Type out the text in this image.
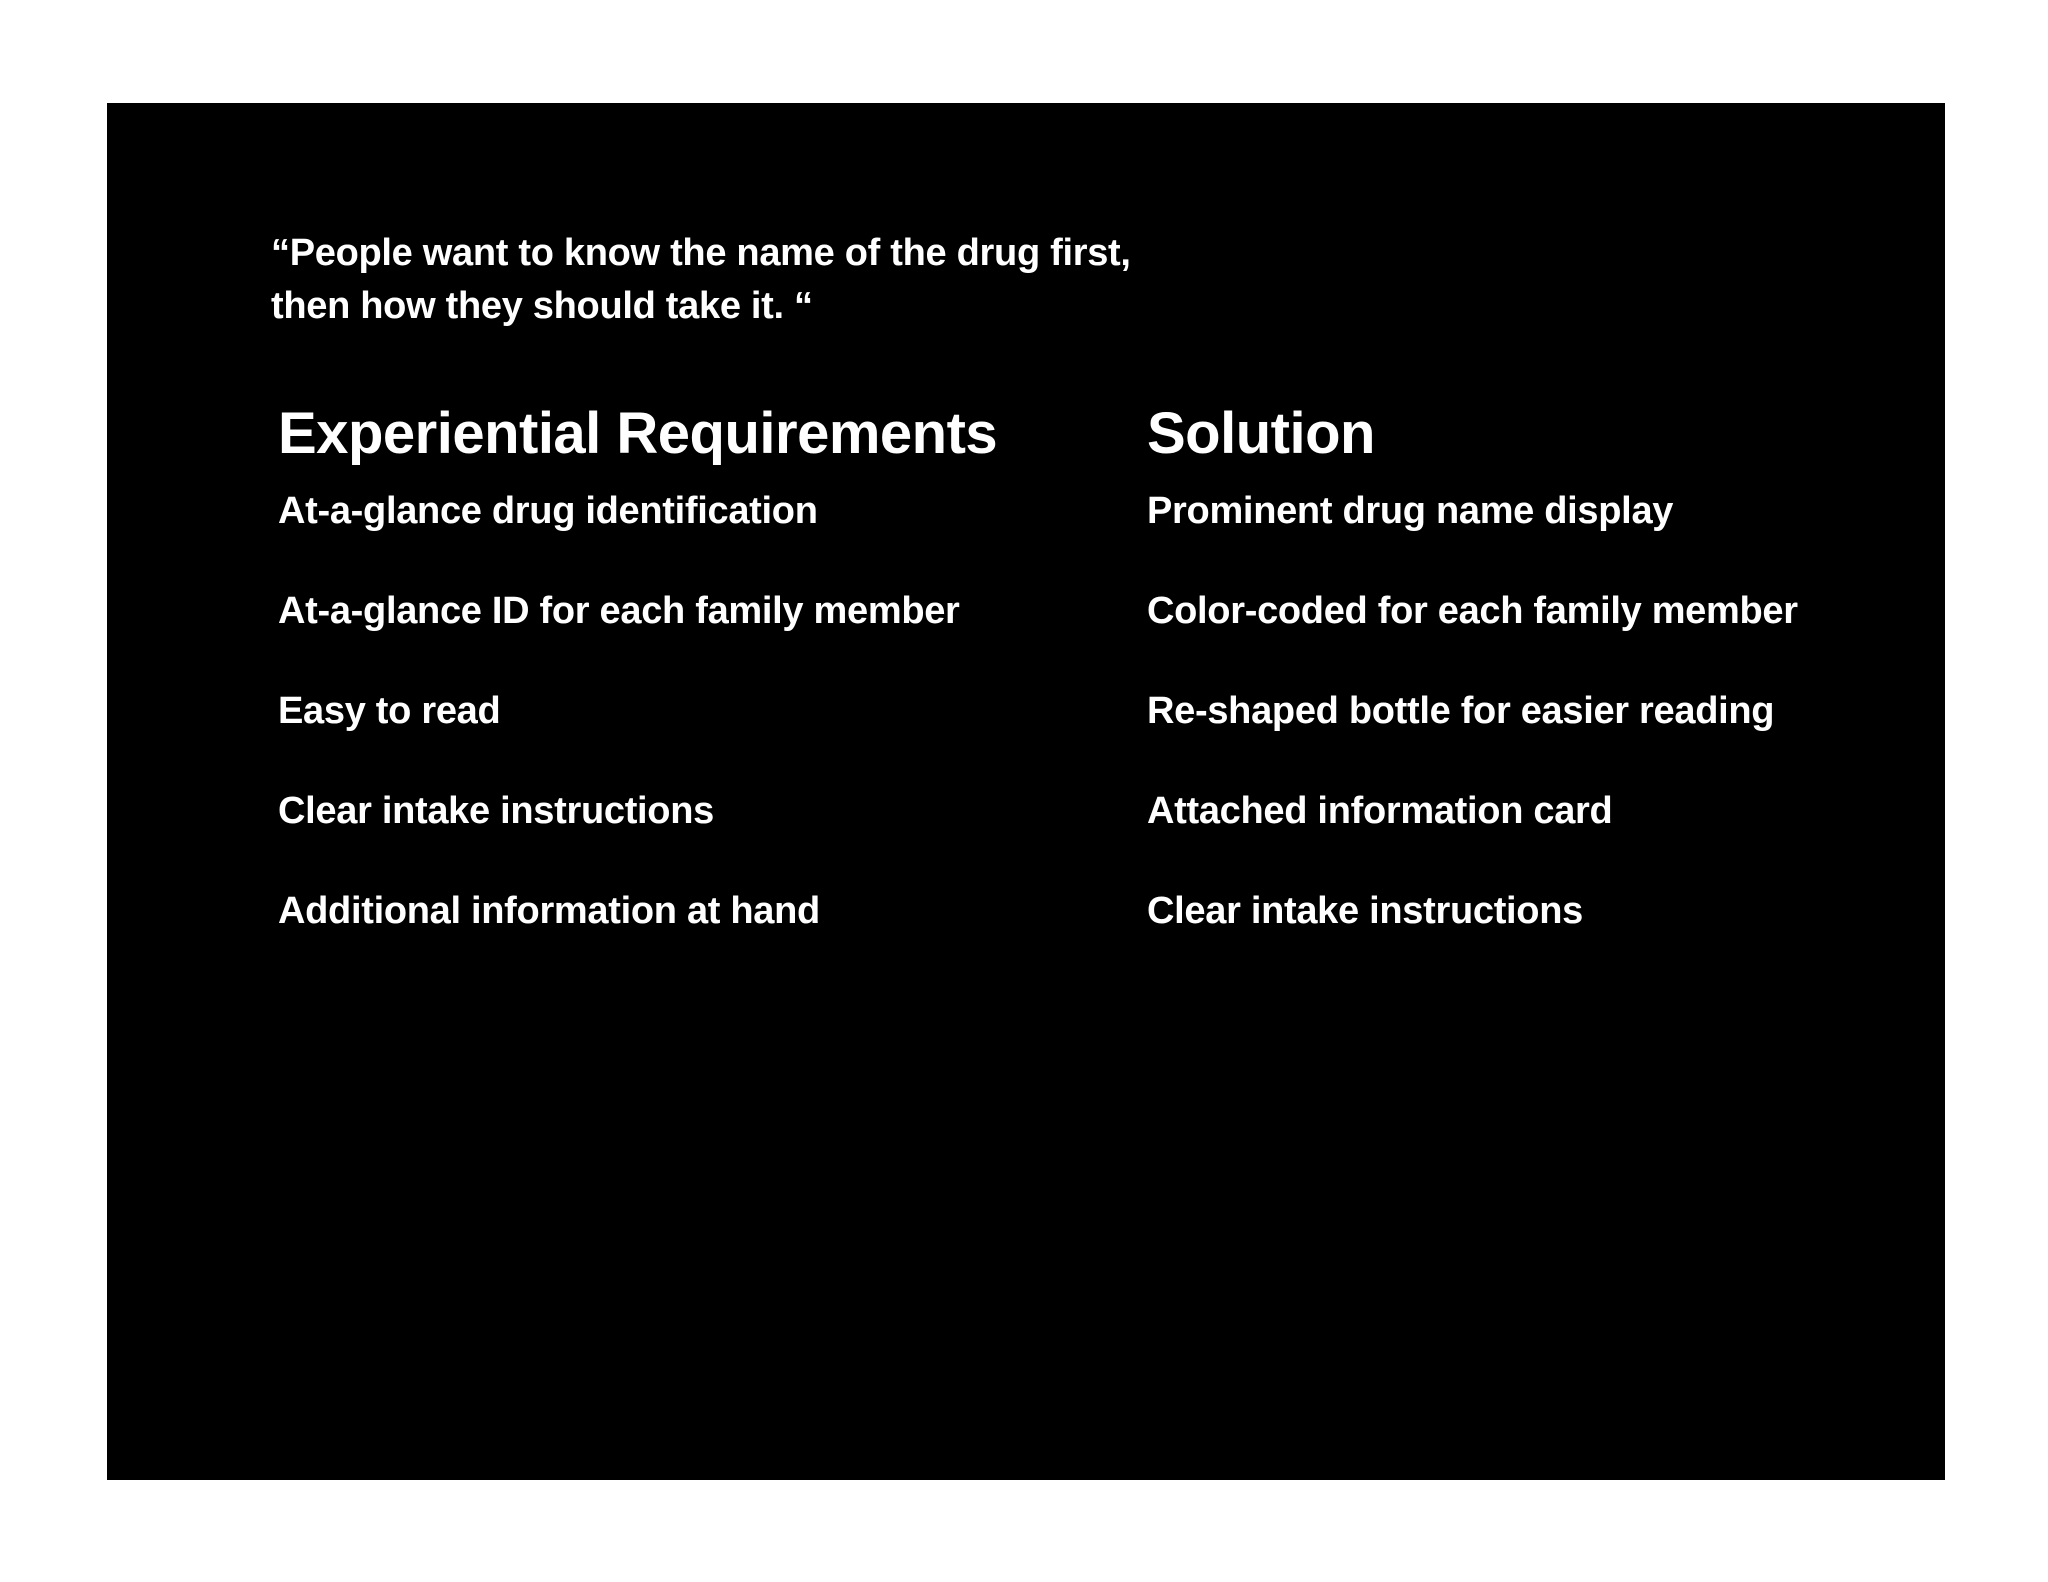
“People want to know the name of the drug first,
then how they should take it. “

Experiential Requirements
At-a-glance drug identification
At-a-glance ID for each family member
Easy to read
Clear intake instructions
Additional information at hand
Solution
Prominent drug name display
Color-coded for each family member
Re-shaped bottle for easier reading
Attached information card
Clear intake instructions
